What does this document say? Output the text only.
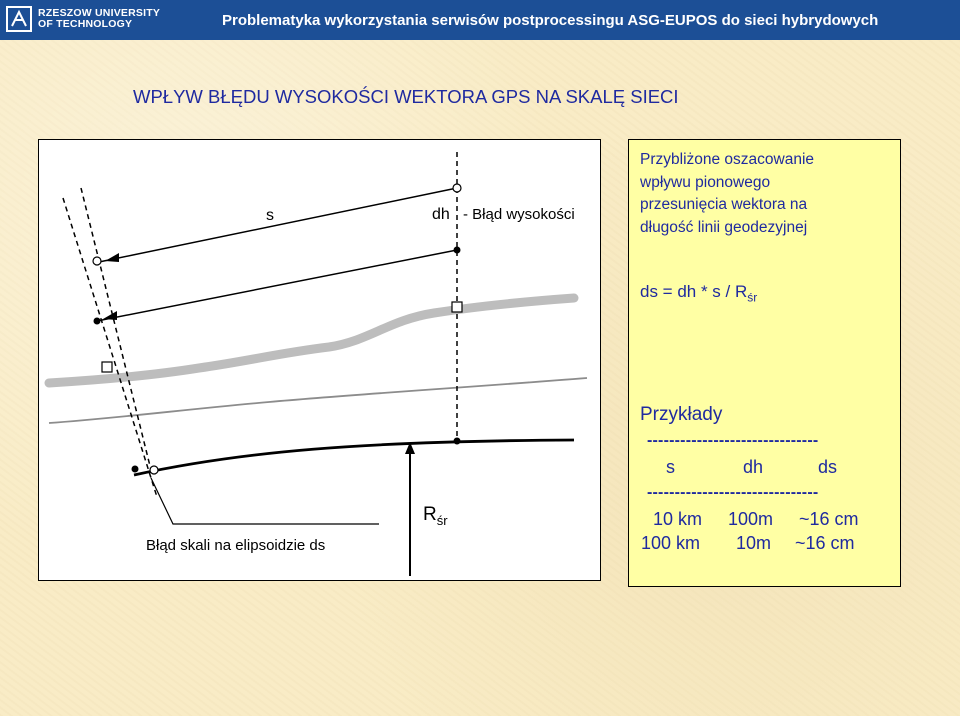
RZESZOW UNIVERSITY
OF TECHNOLOGY	Problematyka wykorzystania serwisów postprocessingu ASG-EUPOS do sieci hybrydowych
WPŁYW BŁĘDU WYSOKOŚCI WEKTORA GPS NA SKALĘ SIECI
s	dh - Błąd wysokości
$R_{śr}$
Błąd skali na elipsoidzie ds
Przybliżone oszacowanie
wpływu pionowego
przesunięcia wektora na
długość linii geodezyjnej
ds = dh * s / $R_{śr}$
Przykłady
-------------------------------
s	dh	ds
-------------------------------
10 km 100m ~16 cm
100 km 10m ~16 cm
